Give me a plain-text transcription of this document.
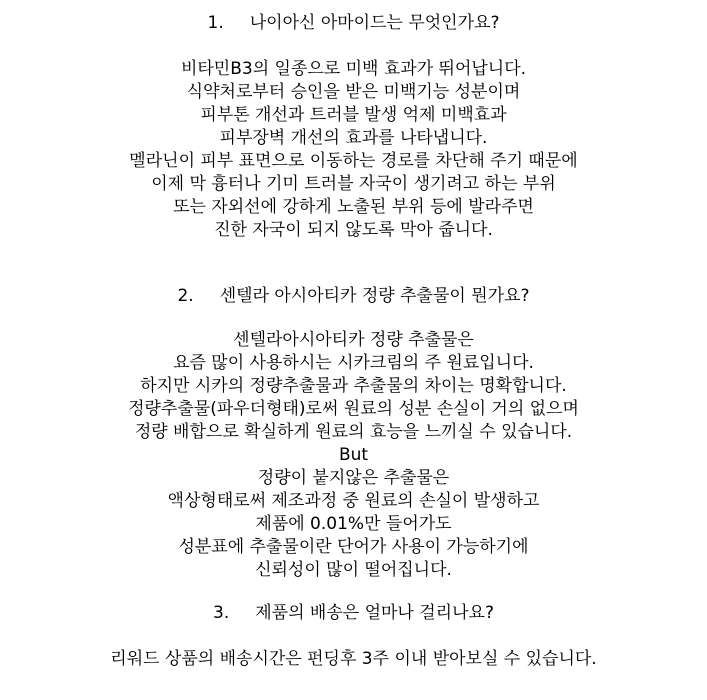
1. 나이아신 아마이드는 무엇인가요?
비타민B3의 일종으로 미백 효과가 뛰어납니다.
식약처로부터 승인을 받은 미백기능 성분이며
피부톤 개선과 트러블 발생 억제 미백효과
피부장벽 개선의 효과를 나타냅니다.
멜라닌이 피부 표면으로 이동하는 경로를 차단해 주기 때문에
이제 막 흉터나 기미 트러블 자국이 생기려고 하는 부위
또는 자외선에 강하게 노출된 부위 등에 발라주면
진한 자국이 되지 않도록 막아 줍니다.
2. 센텔라 아시아티카 정량 추출물이 뭔가요?
센텔라아시아티카 정량 추출물은
요즘 많이 사용하시는 시카크림의 주 원료입니다.
하지만 시카의 정량추출물과 추출물의 차이는 명확합니다.
정량추출물(파우더형태)로써 원료의 성분 손실이 거의 없으며
정량 배합으로 확실하게 원료의 효능을 느끼실 수 있습니다.
But
정량이 붙지않은 추출물은
액상형태로써 제조과정 중 원료의 손실이 발생하고
제품에 0.01%만 들어가도
성분표에 추출물이란 단어가 사용이 가능하기에
신뢰성이 많이 떨어집니다.
3. 제품의 배송은 얼마나 걸리나요?
리워드 상품의 배송시간은 펀딩후 3주 이내 받아보실 수 있습니다.
